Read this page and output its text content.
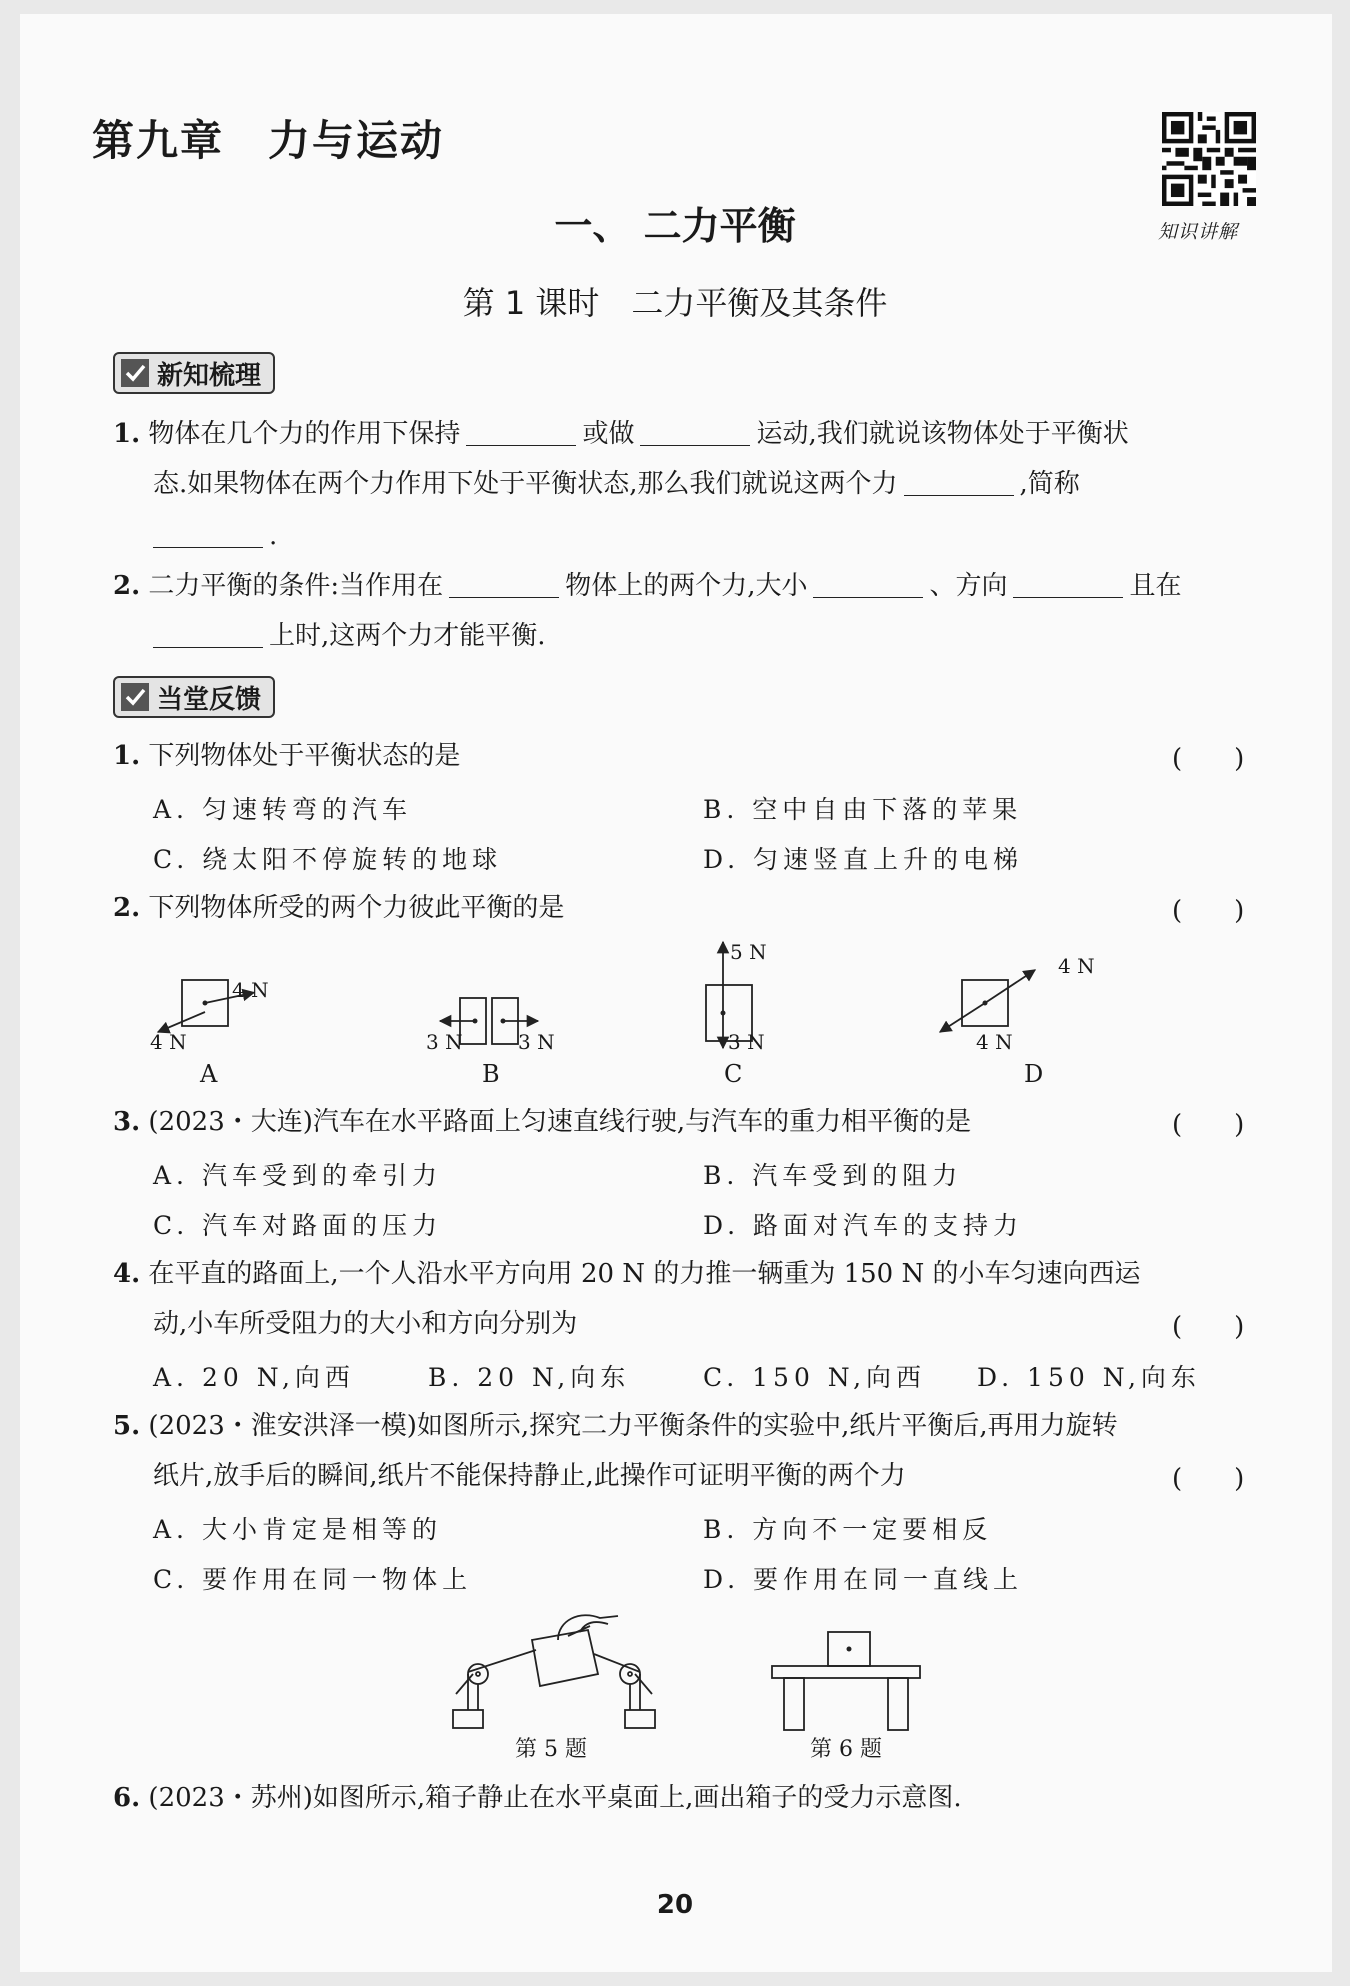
第九章　力与运动
一、 二力平衡
第 1 课时　二力平衡及其条件
知识讲解
新知梳理
1. 物体在几个力的作用下保持	或做	运动,我们就说该物体处于平衡状
态.如果物体在两个力作用下处于平衡状态,那么我们就说这两个力	,简称
.
2. 二力平衡的条件:当作用在	物体上的两个力,大小	、方向	且在
上时,这两个力才能平衡.
当堂反馈
1. 下列物体处于平衡状态的是	(　　)
A. 匀速转弯的汽车	B. 空中自由下落的苹果
C. 绕太阳不停旋转的地球	D. 匀速竖直上升的电梯
2. 下列物体所受的两个力彼此平衡的是	(　　)
4 N
4 N
A
3 N	3 N
B
5 N
3 N
C
4 N
4 N
D
3. (2023・大连)汽车在水平路面上匀速直线行驶,与汽车的重力相平衡的是	(　　)
A. 汽车受到的牵引力	B. 汽车受到的阻力
C. 汽车对路面的压力	D. 路面对汽车的支持力
4. 在平直的路面上,一个人沿水平方向用 20 N 的力推一辆重为 150 N 的小车匀速向西运
动,小车所受阻力的大小和方向分别为	(　　)
A. 20 N,向西	B. 20 N,向东	C. 150 N,向西 D. 150 N,向东
5. (2023・淮安洪泽一模)如图所示,探究二力平衡条件的实验中,纸片平衡后,再用力旋转
纸片,放手后的瞬间,纸片不能保持静止,此操作可证明平衡的两个力	(　　)
A. 大小肯定是相等的	B. 方向不一定要相反
C. 要作用在同一物体上	D. 要作用在同一直线上
第 5 题	第 6 题
6. (2023・苏州)如图所示,箱子静止在水平桌面上,画出箱子的受力示意图.
20
